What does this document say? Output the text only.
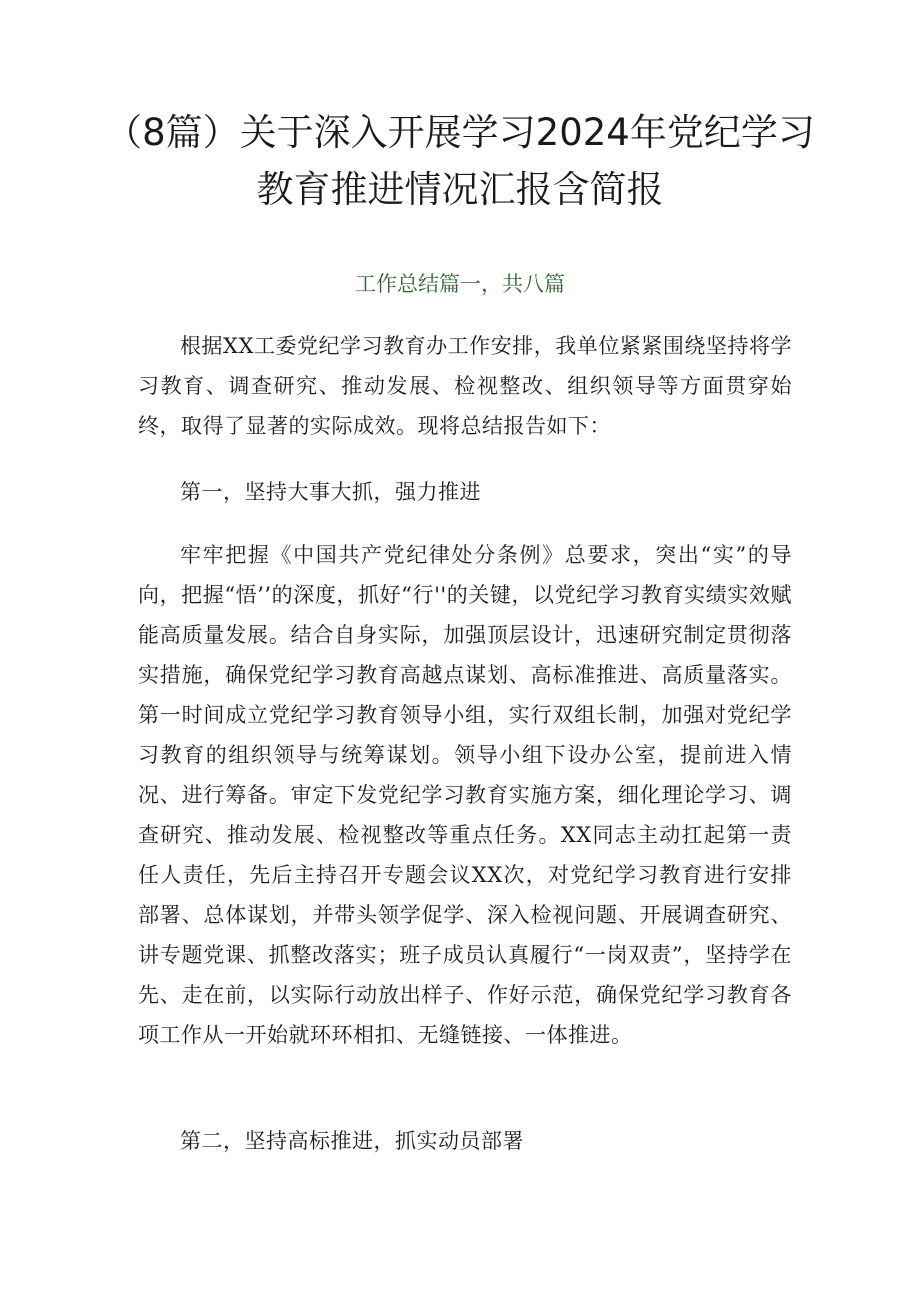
（8篇）关于深入开展学习2024年党纪学习教育推进情况汇报含简报

工作总结篇一，共八篇

根据XX工委党纪学习教育办工作安排，我单位紧紧围绕坚持将学习教育、调查研究、推动发展、检视整改、组织领导等方面贯穿始终，取得了显著的实际成效。现将总结报告如下：

第一，坚持大事大抓，强力推进

牢牢把握《中国共产党纪律处分条例》总要求，突出“实”的导向，把握“悟’’的深度，抓好“行''的关键，以党纪学习教育实绩实效赋能高质量发展。结合自身实际，加强顶层设计，迅速研究制定贯彻落实措施，确保党纪学习教育高越点谋划、高标准推进、高质量落实。第一时间成立党纪学习教育领导小组，实行双组长制，加强对党纪学习教育的组织领导与统筹谋划。领导小组下设办公室，提前进入情况、进行筹备。审定下发党纪学习教育实施方案，细化理论学习、调查研究、推动发展、检视整改等重点任务。XX同志主动扛起第一责任人责任，先后主持召开专题会议XX次，对党纪学习教育进行安排部署、总体谋划，并带头领学促学、深入检视问题、开展调查研究、讲专题党课、抓整改落实；班子成员认真履行“一岗双责”，坚持学在先、走在前，以实际行动放出样子、作好示范，确保党纪学习教育各项工作从一开始就环环相扣、无缝链接、一体推进。

第二，坚持高标推进，抓实动员部署
